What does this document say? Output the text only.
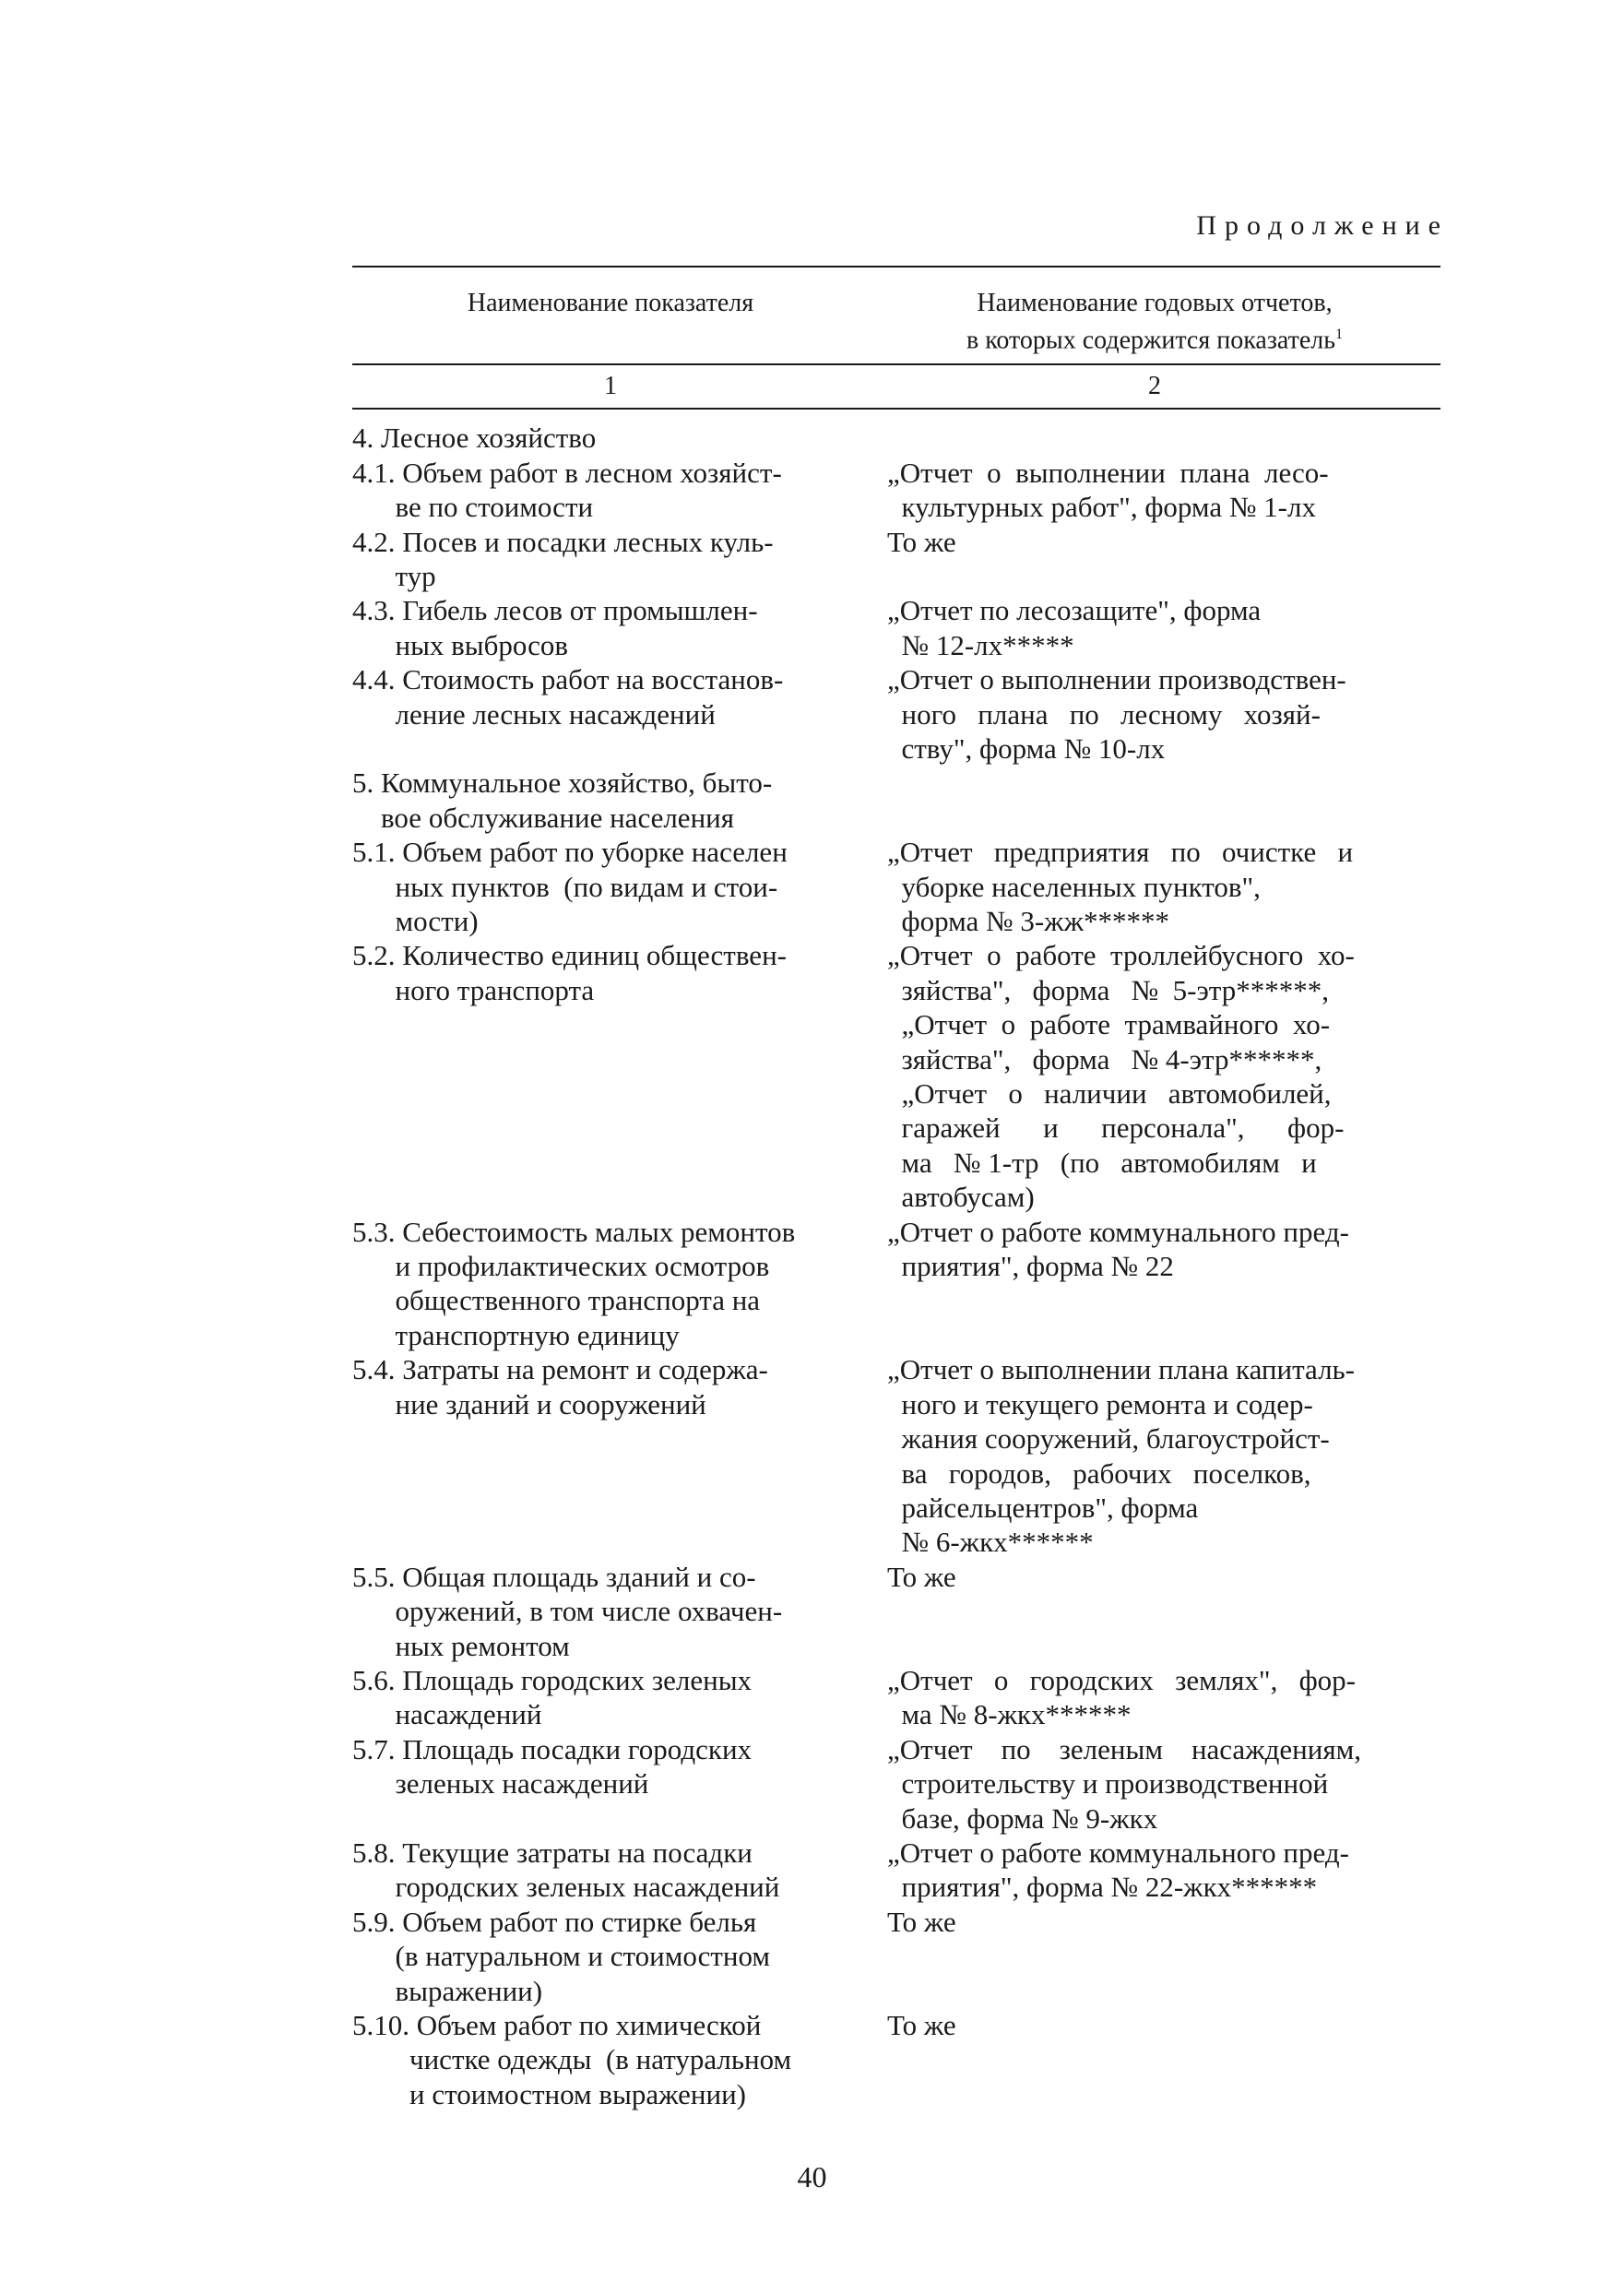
Продолжение
Наименование показателя	Наименование годовых отчетов,
в которых содержится показатель$^1$
1	2
4. Лесное хозяйство
4.1. Объем работ в лесном хозяйст-	„Отчет  о  выполнении  плана  лесо-
ве по стоимости	культурных работ", форма № 1-лх
4.2. Посев и посадки лесных куль-	То же
тур
4.3. Гибель лесов от промышлен-	„Отчет по лесозащите", форма
ных выбросов	№ 12-лх*****
4.4. Стоимость работ на восстанов-	„Отчет о выполнении производствен-
ление лесных насаждений	ного   плана   по   лесному   хозяй-
ству", форма № 10-лх
5. Коммунальное хозяйство, быто-
вое обслуживание населения
5.1. Объем работ по уборке населен	„Отчет   предприятия   по   очистке   и
ных пунктов  (по видам и стои-	уборке населенных пунктов",
мости)	форма № 3-жж******
5.2. Количество единиц обществен-	„Отчет  о  работе  троллейбусного  хо-
ного транспорта	зяйства",   форма   №  5-этр******,
„Отчет  о  работе  трамвайного  хо-
зяйства",   форма   № 4-этр******,
„Отчет   о   наличии   автомобилей,
гаражей      и      персонала",      фор-
ма   № 1-тр   (по   автомобилям   и
автобусам)
5.3. Себестоимость малых ремонтов	„Отчет о работе коммунального пред-
и профилактических осмотров	приятия", форма № 22
общественного транспорта на
транспортную единицу
5.4. Затраты на ремонт и содержа-	„Отчет о выполнении плана капиталь-
ние зданий и сооружений	ного и текущего ремонта и содер-
жания сооружений, благоустройст-
ва   городов,   рабочих   поселков,
райсельцентров", форма
№ 6-жкх******
5.5. Общая площадь зданий и со-	То же
оружений, в том числе охвачен-
ных ремонтом
5.6. Площадь городских зеленых	„Отчет   о   городских   землях",   фор-
насаждений	ма № 8-жкх******
5.7. Площадь посадки городских	„Отчет    по    зеленым    насаждениям,
зеленых насаждений	строительству и производственной
базе, форма № 9-жкх
5.8. Текущие затраты на посадки	„Отчет о работе коммунального пред-
городских зеленых насаждений	приятия", форма № 22-жкх******
5.9. Объем работ по стирке белья	То же
(в натуральном и стоимостном
выражении)
5.10. Объем работ по химической	То же
чистке одежды  (в натуральном
и стоимостном выражении)
40
